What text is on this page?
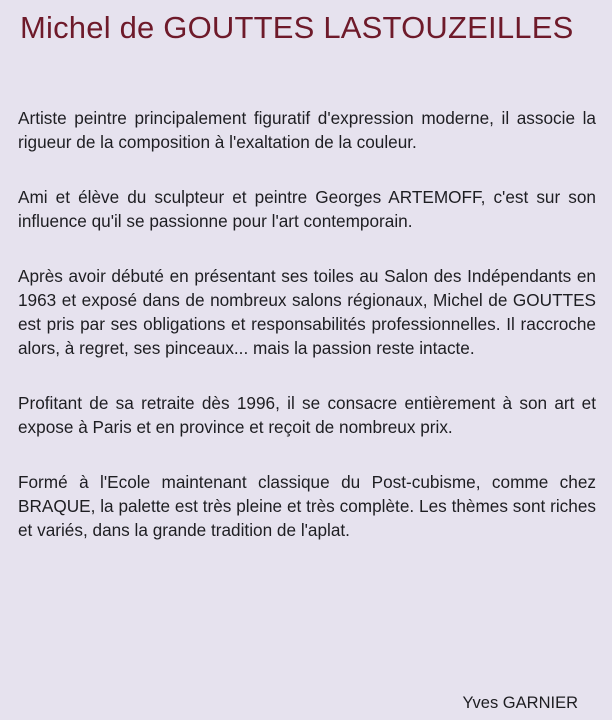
Michel de GOUTTES LASTOUZEILLES

Artiste peintre principalement figuratif d'expression moderne, il associe la rigueur de la composition à l'exaltation de la couleur.

Ami et élève du sculpteur et peintre Georges ARTEMOFF, c'est sur son influence qu'il se passionne pour l'art contemporain.

Après avoir débuté en présentant ses toiles au Salon des Indépendants en 1963 et exposé dans de nombreux salons régionaux, Michel de GOUTTES est pris par ses obligations et responsabilités professionnelles. Il raccroche alors, à regret, ses pinceaux... mais la passion reste intacte.

Profitant de sa retraite dès 1996, il se consacre entièrement à son art et expose à Paris et en province et reçoit de nombreux prix.

Formé à l'Ecole maintenant classique du Post-cubisme, comme chez BRAQUE, la palette est très pleine et très complète. Les thèmes sont riches et variés, dans la grande tradition de l'aplat.

Yves GARNIER
